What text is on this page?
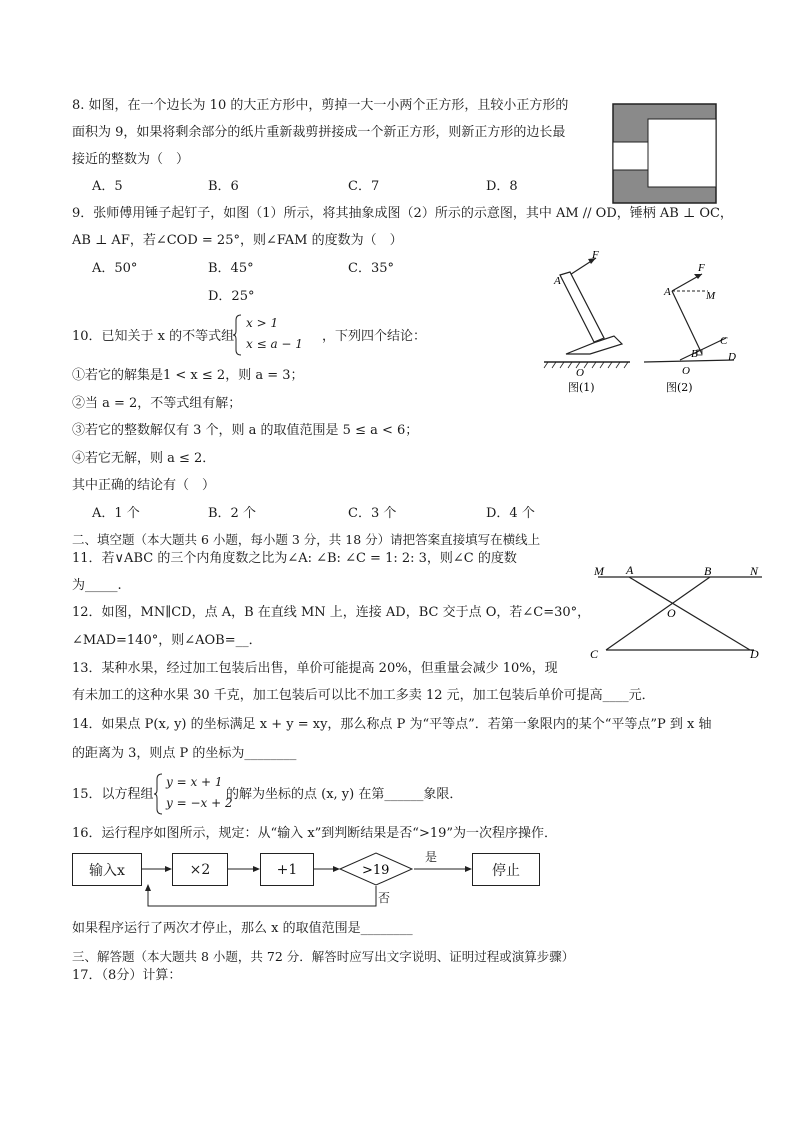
8. 如图，在一个边长为 10 的大正方形中，剪掉一大一小两个正方形，且较小正方形的
面积为 9，如果将剩余部分的纸片重新裁剪拼接成一个新正方形，则新正方形的边长最
接近的整数为（　）
A．5	B．6	C．7	D．8
9．张师傅用锤子起钉子，如图（1）所示，将其抽象成图（2）所示的示意图，其中 AM // OD，锤柄 AB ⊥ OC，
AB ⊥ AF，若∠COD = 25°，则∠FAM 的度数为（　）
A．50°	B．45°	C．35°
D．25°
F
A
O
图(1)
F
A	M
C
B	D
O
图(2)
10．已知关于 x 的不等式组
x > 1
x ≤ a − 1 ，下列四个结论：
①若它的解集是1 < x ≤ 2，则 a = 3；
②当 a = 2，不等式组有解；
③若它的整数解仅有 3 个，则 a 的取值范围是 5 ≤ a < 6；
④若它无解，则 a ≤ 2．
其中正确的结论有（　）
A．1 个	B．2 个	C．3 个	D．4 个
二、填空题（本大题共 6 小题，每小题 3 分，共 18 分）请把答案直接填写在横线上
11．若∨ABC 的三个内角度数之比为∠A: ∠B: ∠C = 1: 2: 3，则∠C 的度数
为_____.
M A	B	N
O
C	D
12．如图，MN∥CD，点 A，B 在直线 MN 上，连接 AD，BC 交于点 O，若∠C=30°，
∠MAD=140°，则∠AOB=__．
13．某种水果，经过加工包装后出售，单价可能提高 20%，但重量会减少 10%，现
有未加工的这种水果 30 千克，加工包装后可以比不加工多卖 12 元，加工包装后单价可提高____元．
14．如果点 P(x, y) 的坐标满足 x + y = xy，那么称点 P 为“平等点”．若第一象限内的某个“平等点”P 到 x 轴
的距离为 3，则点 P 的坐标为________
15．以方程组
y = x + 1
y = −x + 2
的解为坐标的点 (x, y) 在第______象限．
16．运行程序如图所示，规定：从“输入 x”到判断结果是否“>19”为一次程序操作．
输入x	×2	+1	>19	停止
是
否
如果程序运行了两次才停止，那么 x 的取值范围是________
三、解答题（本大题共 8 小题，共 72 分．解答时应写出文字说明、证明过程或演算步骤）
17．（8分）计算：
